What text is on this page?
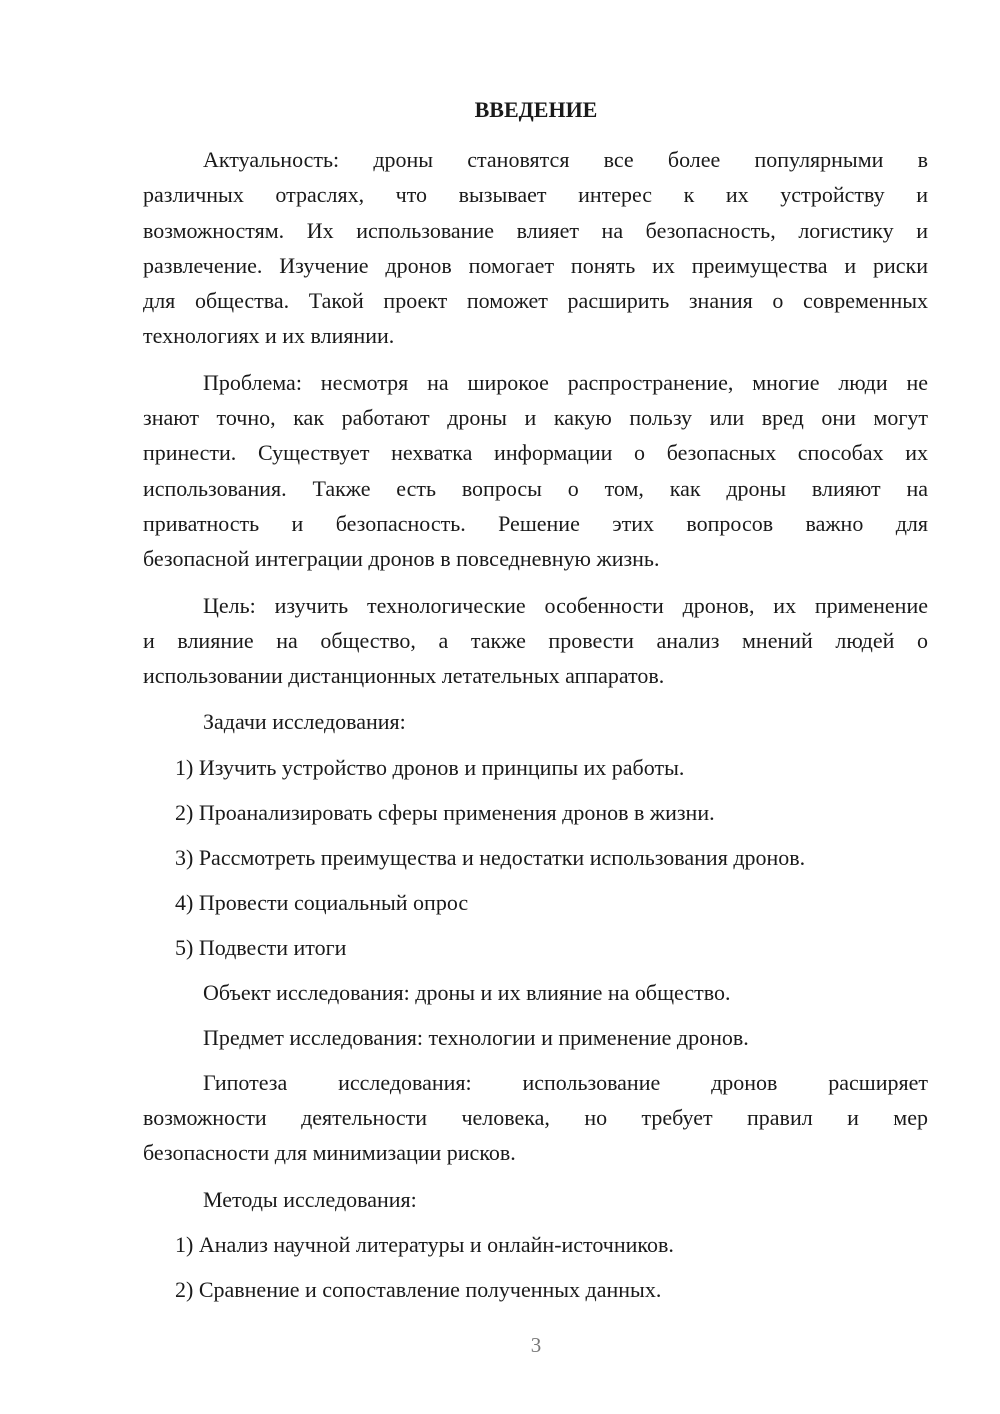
ВВЕДЕНИЕ
Актуальность: дроны становятся все более популярными в
различных отраслях, что вызывает интерес к их устройству и
возможностям. Их использование влияет на безопасность, логистику и
развлечение. Изучение дронов помогает понять их преимущества и риски
для общества. Такой проект поможет расширить знания о современных
технологиях и их влиянии.
Проблема: несмотря на широкое распространение, многие люди не
знают точно, как работают дроны и какую пользу или вред они могут
принести. Существует нехватка информации о безопасных способах их
использования. Также есть вопросы о том, как дроны влияют на
приватность и безопасность. Решение этих вопросов важно для
безопасной интеграции дронов в повседневную жизнь.
Цель: изучить технологические особенности дронов, их применение
и влияние на общество, а также провести анализ мнений людей о
использовании дистанционных летательных аппаратов.
Задачи исследования:
1) Изучить устройство дронов и принципы их работы.
2) Проанализировать сферы применения дронов в жизни.
3) Рассмотреть преимущества и недостатки использования дронов.
4) Провести социальный опрос
5) Подвести итоги
Объект исследования: дроны и их влияние на общество.
Предмет исследования: технологии и применение дронов.
Гипотеза исследования: использование дронов расширяет
возможности деятельности человека, но требует правил и мер
безопасности для минимизации рисков.
Методы исследования:
1) Анализ научной литературы и онлайн-источников.
2) Сравнение и сопоставление полученных данных.
3
